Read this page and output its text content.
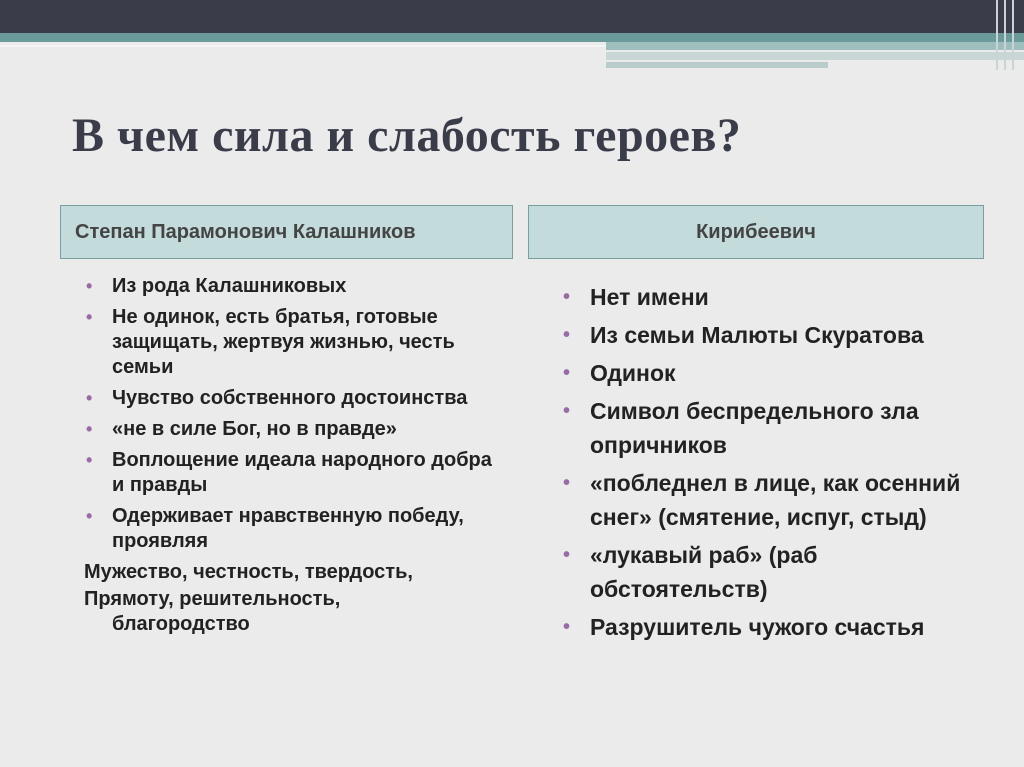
В чем сила и слабость героев?
Степан Парамонович Калашников	Кирибеевич
• Из рода Калашниковых
• Не одинок, есть братья, готовые защищать, жертвуя жизнью, честь семьи
• Чувство собственного достоинства
• «не в силе Бог, но в правде»
• Воплощение идеала народного добра и правды
• Одерживает нравственную победу, проявляя
Мужество, честность, твердость,
Прямоту, решительность,
благородство
• Нет имени
• Из семьи Малюты Скуратова
• Одинок
• Символ беспредельного зла опричников
• «побледнел в лице, как осенний снег» (смятение, испуг, стыд)
• «лукавый раб» (раб обстоятельств)
• Разрушитель чужого счастья
